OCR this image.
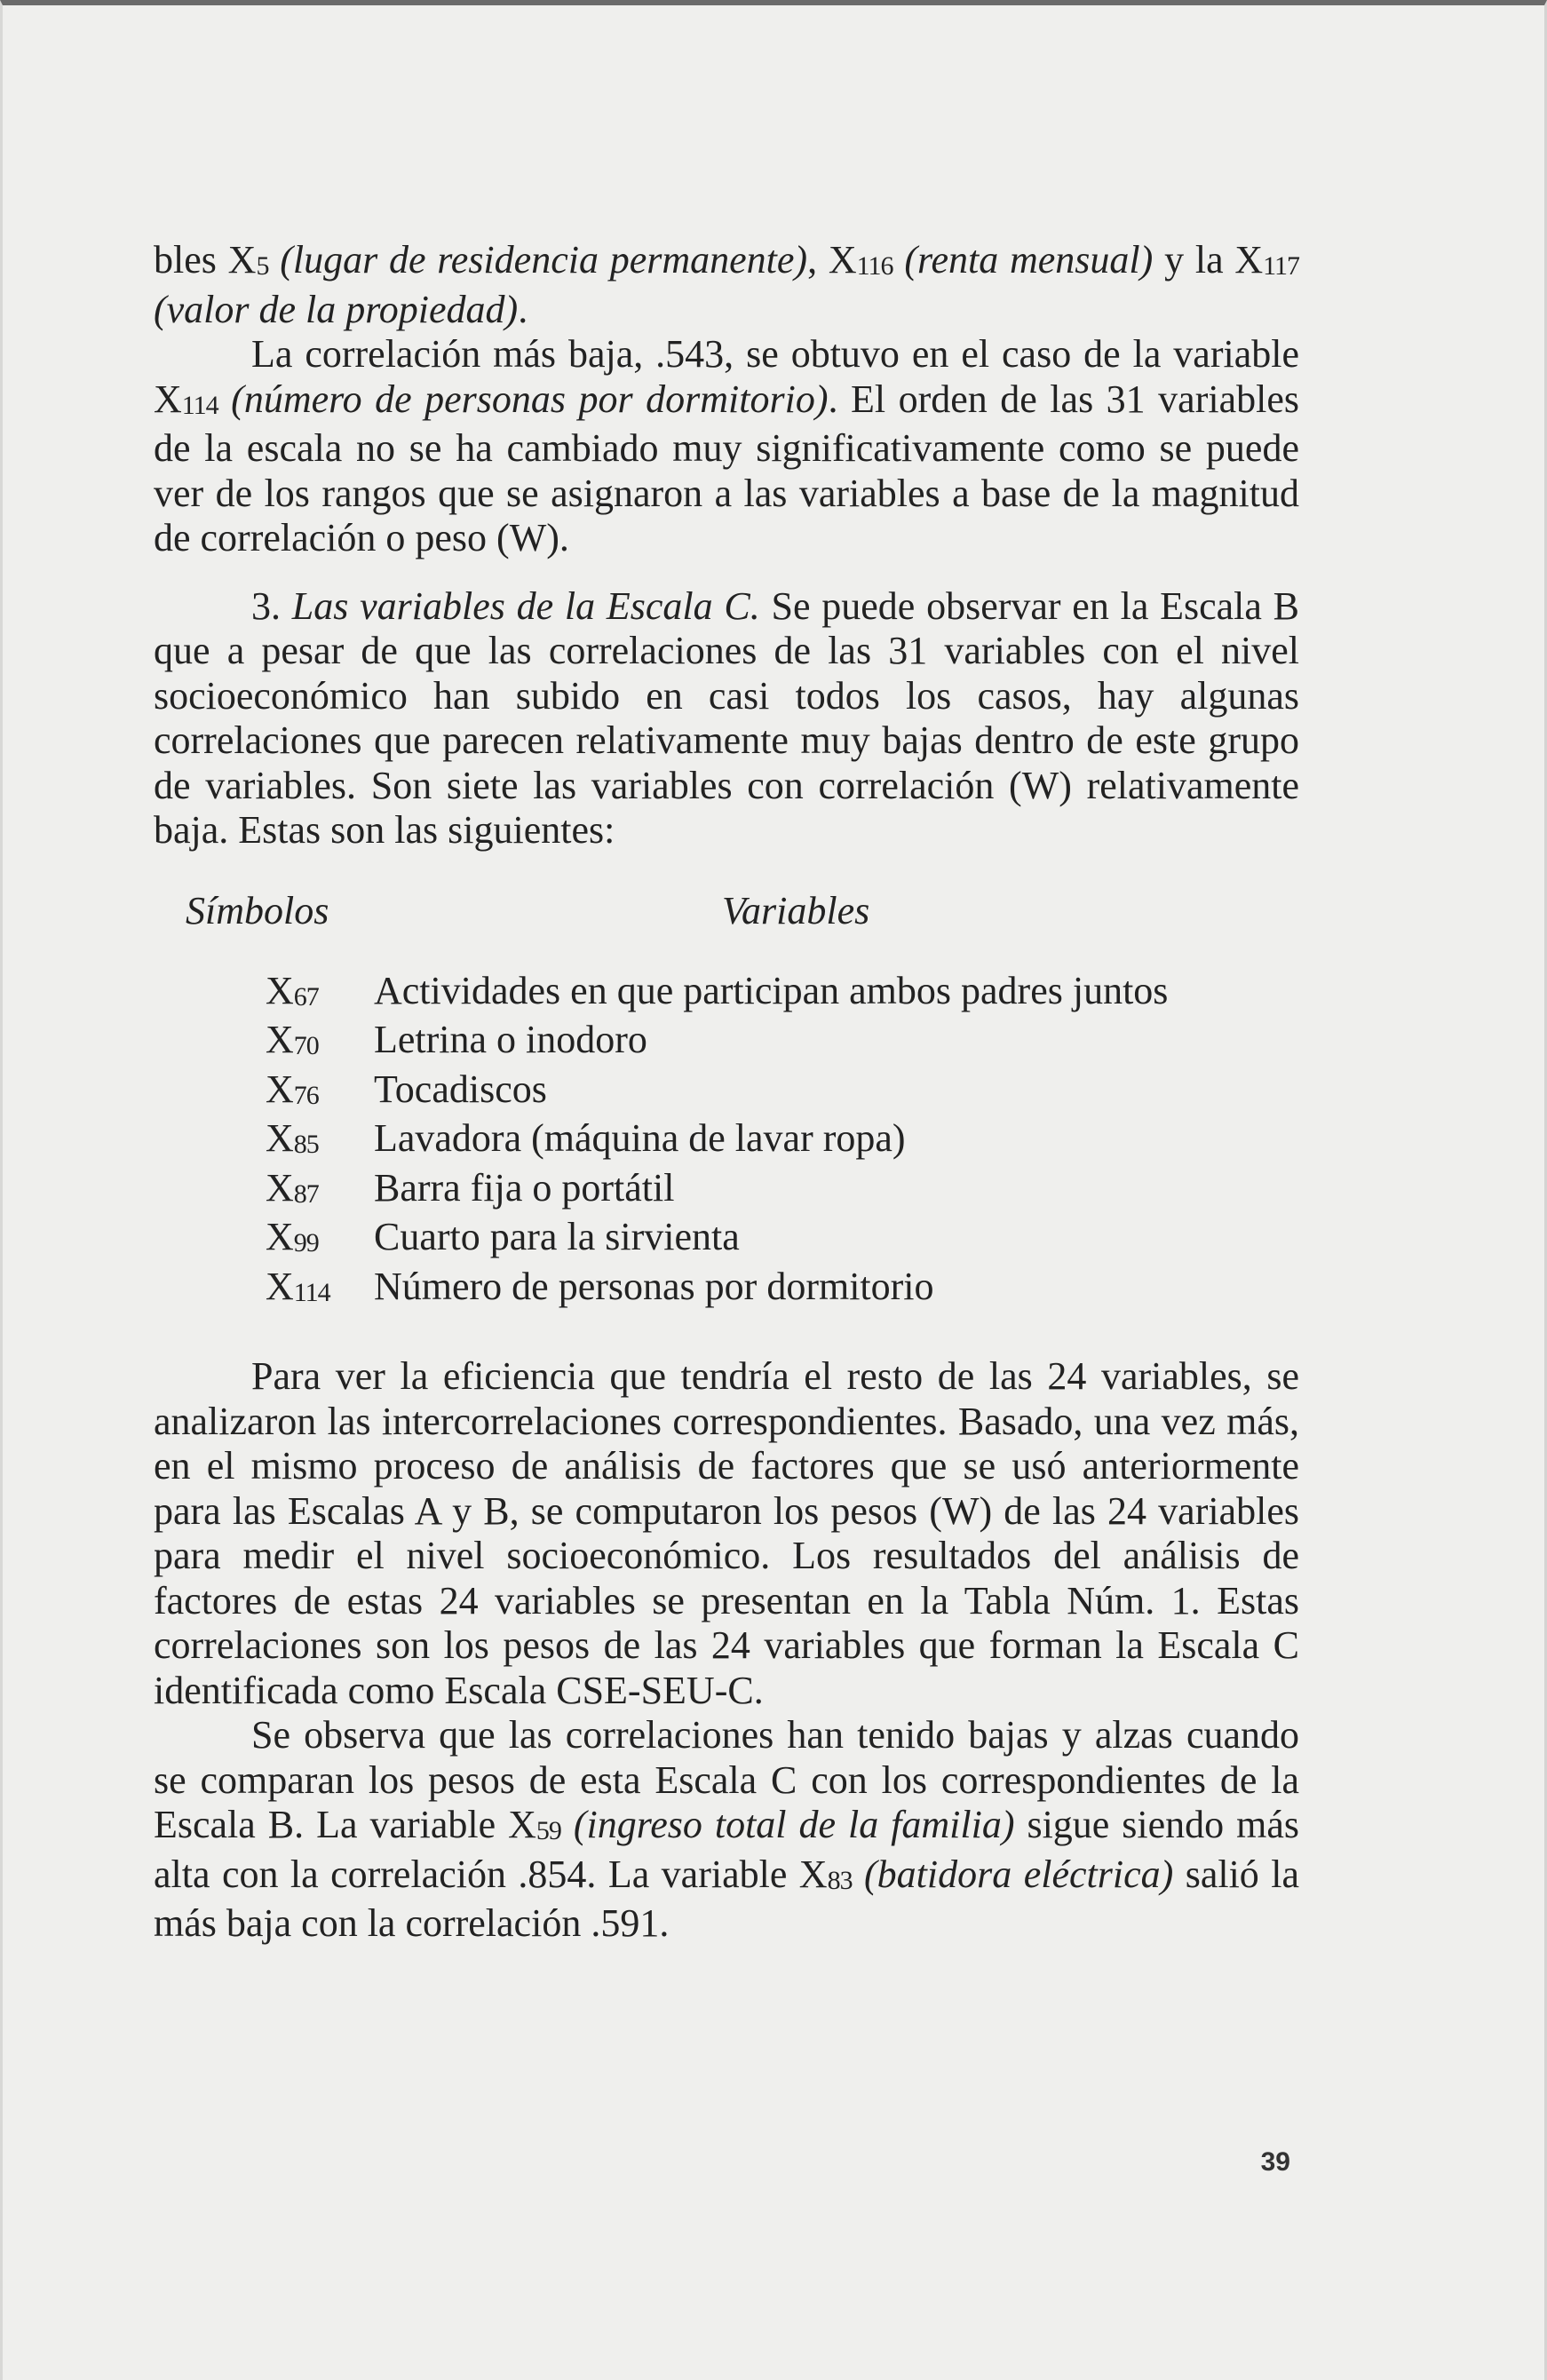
bles X5 (lugar de residencia permanente), X116 (renta mensual) y la X117 (valor de la propiedad).

La correlación más baja, .543, se obtuvo en el caso de la variable X114 (número de personas por dormitorio). El orden de las 31 variables de la escala no se ha cambiado muy significativamente como se puede ver de los rangos que se asignaron a las variables a base de la magnitud de correlación o peso (W).

3. Las variables de la Escala C. Se puede observar en la Escala B que a pesar de que las correlaciones de las 31 variables con el nivel socioeconómico han subido en casi todos los casos, hay algunas correlaciones que parecen relativamente muy bajas dentro de este grupo de variables. Son siete las variables con correlación (W) relativamente baja. Estas son las siguientes:

Símbolos	Variables
X67	Actividades en que participan ambos padres juntos
X70	Letrina o inodoro
X76	Tocadiscos
X85	Lavadora (máquina de lavar ropa)
X87	Barra fija o portátil
X99	Cuarto para la sirvienta
X114	Número de personas por dormitorio

Para ver la eficiencia que tendría el resto de las 24 variables, se analizaron las intercorrelaciones correspondientes. Basado, una vez más, en el mismo proceso de análisis de factores que se usó anteriormente para las Escalas A y B, se computaron los pesos (W) de las 24 variables para medir el nivel socioeconómico. Los resultados del análisis de factores de estas 24 variables se presentan en la Tabla Núm. 1. Estas correlaciones son los pesos de las 24 variables que forman la Escala C identificada como Escala CSE-SEU-C.

Se observa que las correlaciones han tenido bajas y alzas cuando se comparan los pesos de esta Escala C con los correspondientes de la Escala B. La variable X59 (ingreso total de la familia) sigue siendo más alta con la correlación .854. La variable X83 (batidora eléctrica) salió la más baja con la correlación .591.

39
